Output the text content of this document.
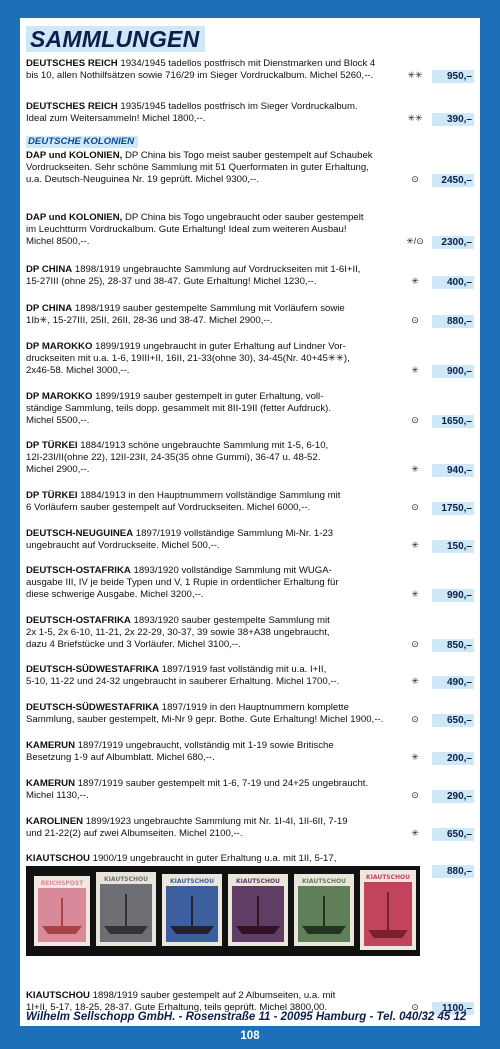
SAMMLUNGEN
DEUTSCHE KOLONIEN
DEUTSCHES REICH 1934/1945 tadellos postfrisch mit Dienstmarken und Block 4
bis 10, allen Nothilfsätzen sowie 716/29 im Sieger Vordruckalbum. Michel 5260,--.	✳✳	950,–
DEUTSCHES REICH 1935/1945 tadellos postfrisch im Sieger Vordruckalbum.
Ideal zum Weitersammeln! Michel 1800,--.	✳✳	390,–
DAP und KOLONIEN, DP China bis Togo meist sauber gestempelt auf Schaubek
Vordruckseiten. Sehr schöne Sammlung mit 51 Querformaten in guter Erhaltung,
u.a. Deutsch-Neuguinea Nr. 19 geprüft. Michel 9300,--.	⊙	2450,–
DAP und KOLONIEN, DP China bis Togo ungebraucht oder sauber gestempelt
im Leuchtturm Vordruckalbum. Gute Erhaltung! Ideal zum weiteren Ausbau!
Michel 8500,--.	✳/⊙	2300,–
DP CHINA 1898/1919 ungebrauchte Sammlung auf Vordruckseiten mit 1-6I+II,
15-27III (ohne 25), 28-37 und 38-47. Gute Erhaltung! Michel 1230,--.	✳	400,–
DP CHINA 1898/1919 sauber gestempelte Sammlung mit Vorläufern sowie
1Ib✳, 15-27III, 25II, 26II, 28-36 und 38-47. Michel 2900,--.	⊙	880,–
DP MAROKKO 1899/1919 ungebraucht in guter Erhaltung auf Lindner Vor-
druckseiten mit u.a. 1-6, 19III+II, 16II, 21-33(ohne 30), 34-45(Nr. 40+45✳✳),
2x46-58. Michel 3000,--.	✳	900,–
DP MAROKKO 1899/1919 sauber gestempelt in guter Erhaltung, voll-
ständige Sammlung, teils dopp. gesammelt mit 8II-19II (fetter Aufdruck).
Michel 5500,--.	⊙	1650,–
DP TÜRKEI 1884/1913 schöne ungebrauchte Sammlung mit 1-5, 6-10,
12I-23I/II(ohne 22), 12II-23II, 24-35(35 ohne Gummi), 36-47 u. 48-52.
Michel 2900,--.	✳	940,–
DP TÜRKEI 1884/1913 in den Hauptnummern vollständige Sammlung mit
6 Vorläufern sauber gestempelt auf Vordruckseiten. Michel 6000,--.	⊙	1750,–
DEUTSCH-NEUGUINEA 1897/1919 vollständige Sammlung Mi-Nr. 1-23
ungebraucht auf Vordruckseite. Michel 500,--.	✳	150,–
DEUTSCH-OSTAFRIKA 1893/1920 vollständige Sammlung mit WUGA-
ausgabe III, IV je beide Typen und V, 1 Rupie in ordentlicher Erhaltung für
diese schwerige Ausgabe. Michel 3200,--.	✳	990,–
DEUTSCH-OSTAFRIKA 1893/1920 sauber gestempelte Sammlung mit
2x 1-5, 2x 6-10, 11-21, 2x 22-29, 30-37, 39 sowie 38+A38 ungebraucht,
dazu 4 Briefstücke und 3 Vorläufer. Michel 3100,--.	⊙	850,–
DEUTSCH-SÜDWESTAFRIKA 1897/1919 fast vollständig mit u.a. I+II,
5-10, 11-22 und 24-32 ungebraucht in sauberer Erhaltung. Michel 1700,--.	✳	490,–
DEUTSCH-SÜDWESTAFRIKA 1897/1919 in den Hauptnummern komplette
Sammlung, sauber gestempelt, Mi-Nr 9 gepr. Bothe. Gute Erhaltung! Michel 1900,--.	⊙	650,–
KAMERUN 1897/1919 ungebraucht, vollständig mit 1-19 sowie Britische
Besetzung 1-9 auf Albumblatt. Michel 680,--.	✳	200,–
KAMERUN 1897/1919 sauber gestempelt mit 1-6, 7-19 und 24+25 ungebraucht.
Michel 1130,--.	⊙	290,–
KAROLINEN 1899/1923 ungebrauchte Sammlung mit Nr. 1I-4I, 1II-6II, 7-19
und 21-22(2) auf zwei Albumseiten. Michel 2100,--.	✳	650,–
KIAUTSCHOU 1900/19 ungebraucht in guter Erhaltung u.a. mit 1II, 5-17,
880,–
KIAUTSCHOU 1898/1919 sauber gestempelt auf 2 Albumseiten, u.a. mit
1I+II, 5-17, 18-25, 28-37. Gute Erhaltung, teils geprüft. Michel 3800,00.	⊙	1100,–
REICHSPOST
KIAUTSCHOU	KIAUTSCHOU	KIAUTSCHOU	KIAUTSCHOU
KIAUTSCHOU
Wilhelm Sellschopp GmbH. - Rosenstraße 11 - 20095 Hamburg - Tel. 040/32 45 12
108
